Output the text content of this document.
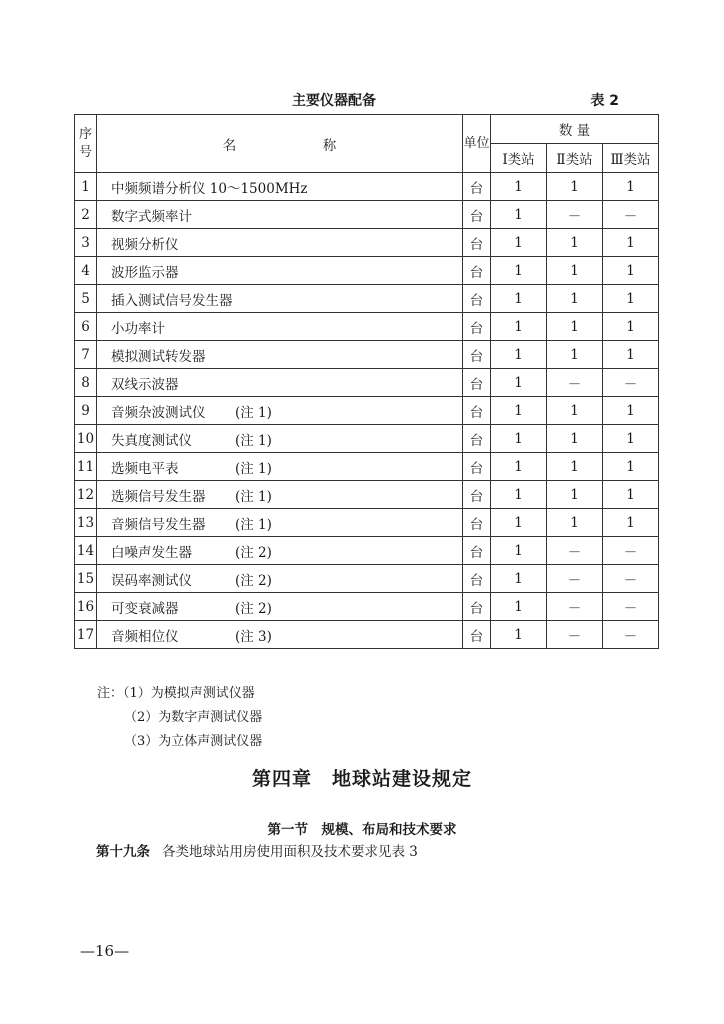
主要仪器配备	表 2
序号	名 称	单位	数 量		
			Ⅰ类站	Ⅱ类站	Ⅲ类站
1	中频频谱分析仪 10～1500MHz	台	1	1	1
2	数字式频率计	台	1	－	－
3	视频分析仪	台	1	1	1
4	波形监示器	台	1	1	1
5	插入测试信号发生器	台	1	1	1
6	小功率计	台	1	1	1
7	模拟测试转发器	台	1	1	1
8	双线示波器	台	1	－	－
9	音频杂波测试仪 (注 1)	台	1	1	1
10	失真度测试仪 (注 1)	台	1	1	1
11	选频电平表 (注 1)	台	1	1	1
12	选频信号发生器 (注 1)	台	1	1	1
13	音频信号发生器 (注 1)	台	1	1	1
14	白噪声发生器 (注 2)	台	1	－	－
15	误码率测试仪 (注 2)	台	1	－	－
16	可变衰减器 (注 2)	台	1	－	－
17	音频相位仪 (注 3)	台	1	－	－
注：（1）为模拟声测试仪器
（2）为数字声测试仪器
（3）为立体声测试仪器
第四章　地球站建设规定
第一节　规模、布局和技术要求
第十九条 各类地球站用房使用面积及技术要求见表 3
—16—
